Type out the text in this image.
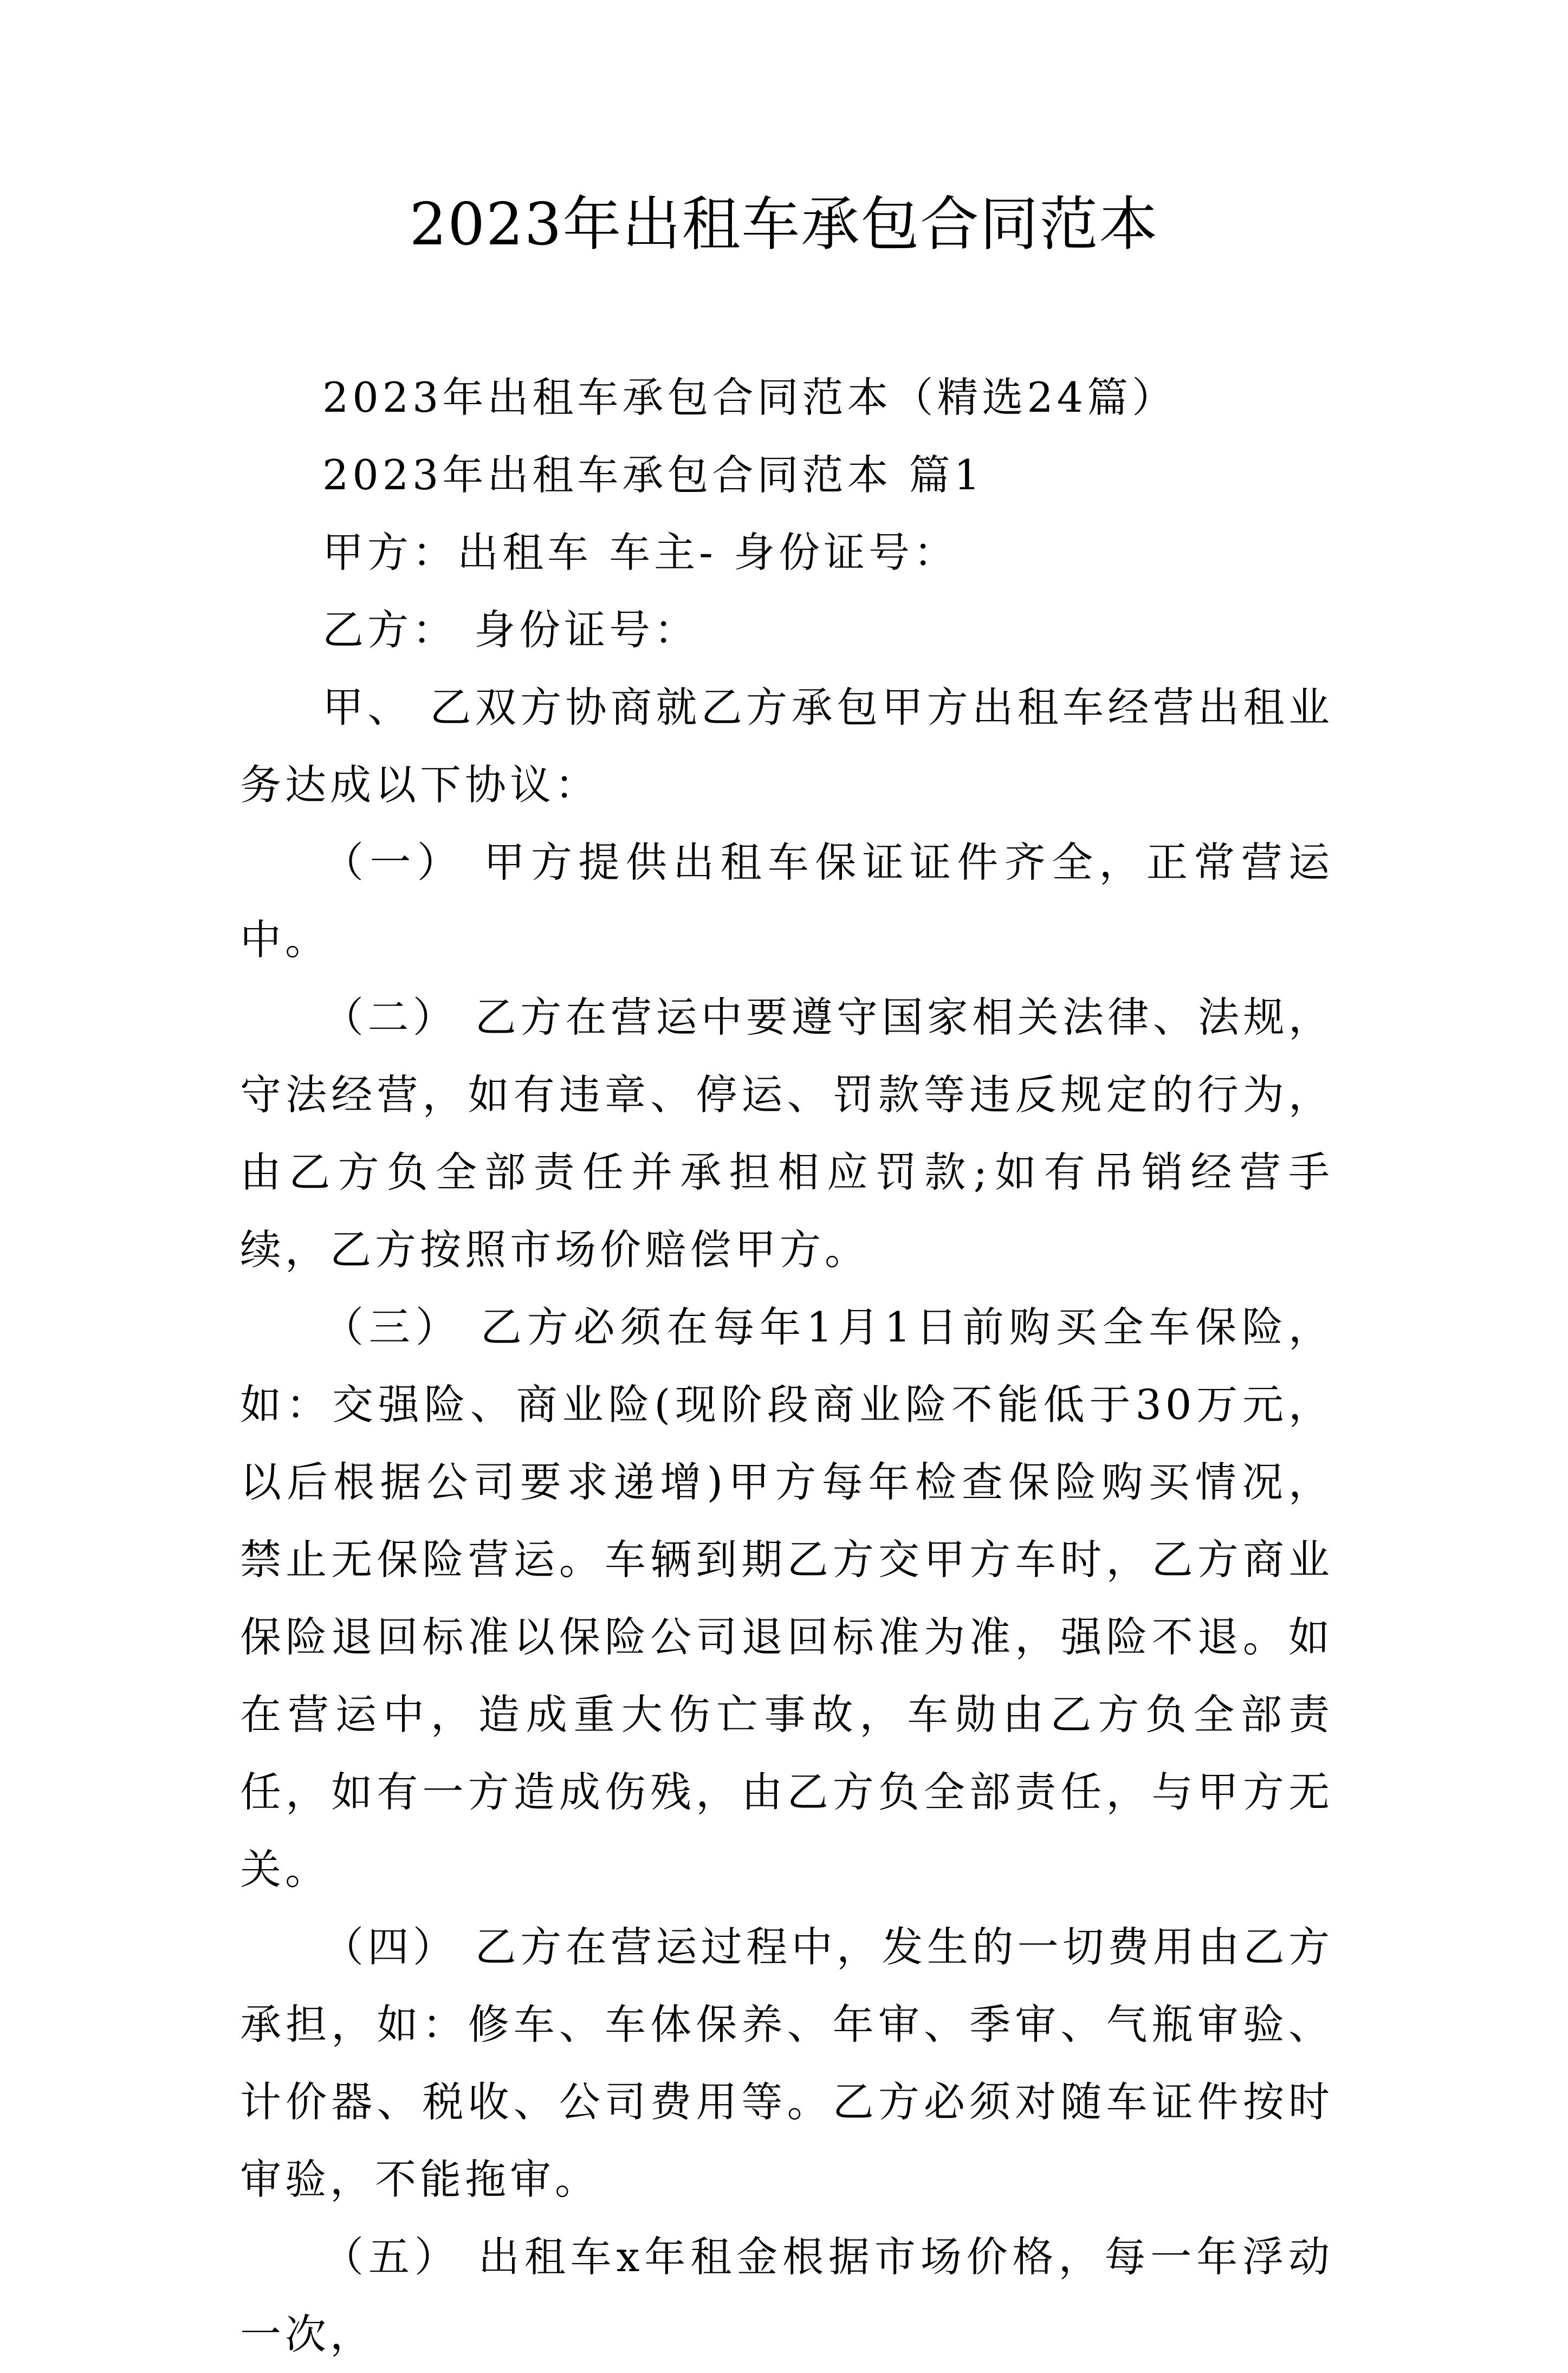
2023年出租车承包合同范本

2023年出租车承包合同范本（精选24篇）

2023年出租车承包合同范本 篇1

甲方：出租车 车主- 身份证号：

乙方： 身份证号：

甲、 乙双方协商就乙方承包甲方出租车经营出租业务达成以下协议：

（一） 甲方提供出租车保证证件齐全，正常营运中。

（二） 乙方在营运中要遵守国家相关法律、法规，守法经营，如有违章、停运、罚款等违反规定的行为，由乙方负全部责任并承担相应罚款;如有吊销经营手续，乙方按照市场价赔偿甲方。

（三） 乙方必须在每年1月1日前购买全车保险，如：交强险、商业险(现阶段商业险不能低于30万元，以后根据公司要求递增)甲方每年检查保险购买情况，禁止无保险营运。车辆到期乙方交甲方车时，乙方商业保险退回标准以保险公司退回标准为准，强险不退。如在营运中，造成重大伤亡事故，车勋由乙方负全部责任，如有一方造成伤残，由乙方负全部责任，与甲方无关。

（四） 乙方在营运过程中，发生的一切费用由乙方承担，如：修车、车体保养、年审、季审、气瓶审验、计价器、税收、公司费用等。乙方必须对随车证件按时审验，不能拖审。

（五） 出租车x年租金根据市场价格，每一年浮动一次，
